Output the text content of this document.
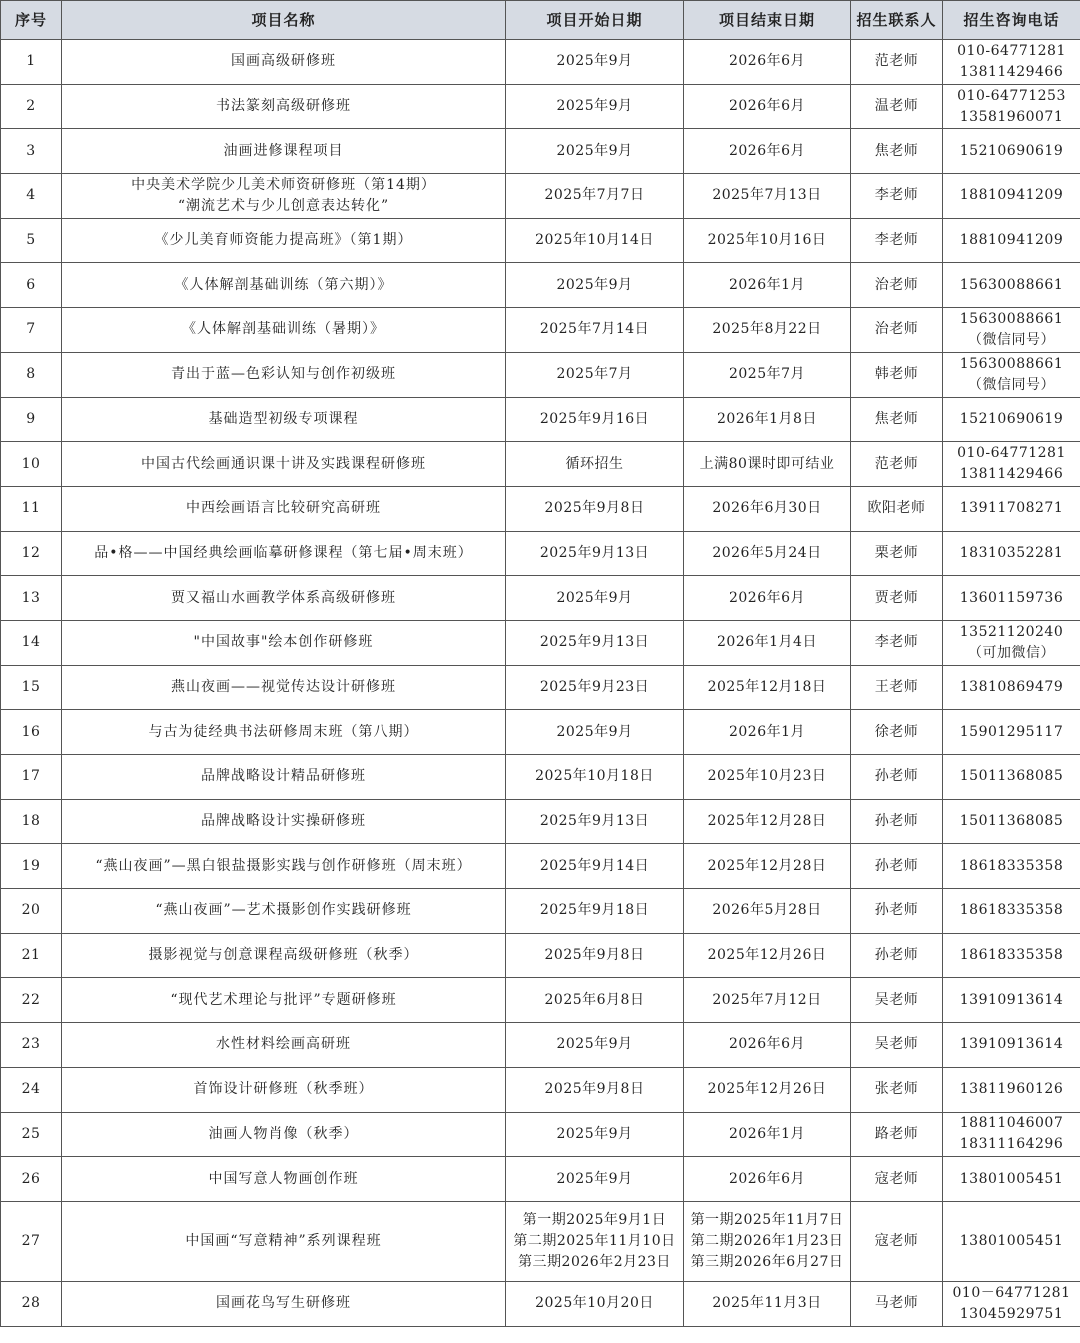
序号	项目名称	项目开始日期	项目结束日期	招生联系人	招生咨询电话
1	国画高级研修班	2025年9月	2026年6月	范老师	010-64771281
13811429466

2	书法篆刻高级研修班	2025年9月	2026年6月	温老师	010-64771253
13581960071

3	油画进修课程项目	2025年9月	2026年6月	焦老师	15210690619

4	中央美术学院少儿美术师资研修班（第14期）
“潮流艺术与少儿创意表达转化”	2025年7月7日	2025年7月13日	李老师	18810941209

5	《少儿美育师资能力提高班》（第1期）	2025年10月14日	2025年10月16日	李老师	18810941209

6	《人体解剖基础训练（第六期）》	2025年9月	2026年1月	治老师	15630088661

7	《人体解剖基础训练（暑期）》	2025年7月14日	2025年8月22日	治老师	15630088661
（微信同号）

8	青出于蓝—色彩认知与创作初级班	2025年7月	2025年7月	韩老师	15630088661
（微信同号）

9	基础造型初级专项课程	2025年9月16日	2026年1月8日	焦老师	15210690619

10	中国古代绘画通识课十讲及实践课程研修班	循环招生	上满80课时即可结业	范老师	010-64771281
13811429466

11	中西绘画语言比较研究高研班	2025年9月8日	2026年6月30日	欧阳老师	13911708271

12	品•格——中国经典绘画临摹研修课程（第七届•周末班）	2025年9月13日	2026年5月24日	栗老师	18310352281

13	贾又福山水画教学体系高级研修班	2025年9月	2026年6月	贾老师	13601159736

14	"中国故事"绘本创作研修班	2025年9月13日	2026年1月4日	李老师	13521120240
（可加微信）

15	燕山夜画——视觉传达设计研修班	2025年9月23日	2025年12月18日	王老师	13810869479

16	与古为徒经典书法研修周末班（第八期）	2025年9月	2026年1月	徐老师	15901295117

17	品牌战略设计精品研修班	2025年10月18日	2025年10月23日	孙老师	15011368085

18	品牌战略设计实操研修班	2025年9月13日	2025年12月28日	孙老师	15011368085

19	“燕山夜画”—黑白银盐摄影实践与创作研修班（周末班）	2025年9月14日	2025年12月28日	孙老师	18618335358

20	“燕山夜画”—艺术摄影创作实践研修班	2025年9月18日	2026年5月28日	孙老师	18618335358

21	摄影视觉与创意课程高级研修班（秋季）	2025年9月8日	2025年12月26日	孙老师	18618335358

22	“现代艺术理论与批评”专题研修班	2025年6月8日	2025年7月12日	吴老师	13910913614

23	水性材料绘画高研班	2025年9月	2026年6月	吴老师	13910913614

24	首饰设计研修班（秋季班）	2025年9月8日	2025年12月26日	张老师	13811960126

25	油画人物肖像（秋季）	2025年9月	2026年1月	路老师	18811046007
18311164296

26	中国写意人物画创作班	2025年9月	2026年6月	寇老师	13801005451

27	中国画“写意精神”系列课程班	第一期2025年9月1日
第二期2025年11月10日
第三期2026年2月23日	第一期2025年11月7日
第二期2026年1月23日
第三期2026年6月27日	寇老师	13801005451

28	国画花鸟写生研修班	2025年10月20日	2025年11月3日	马老师	010－64771281
13045929751
